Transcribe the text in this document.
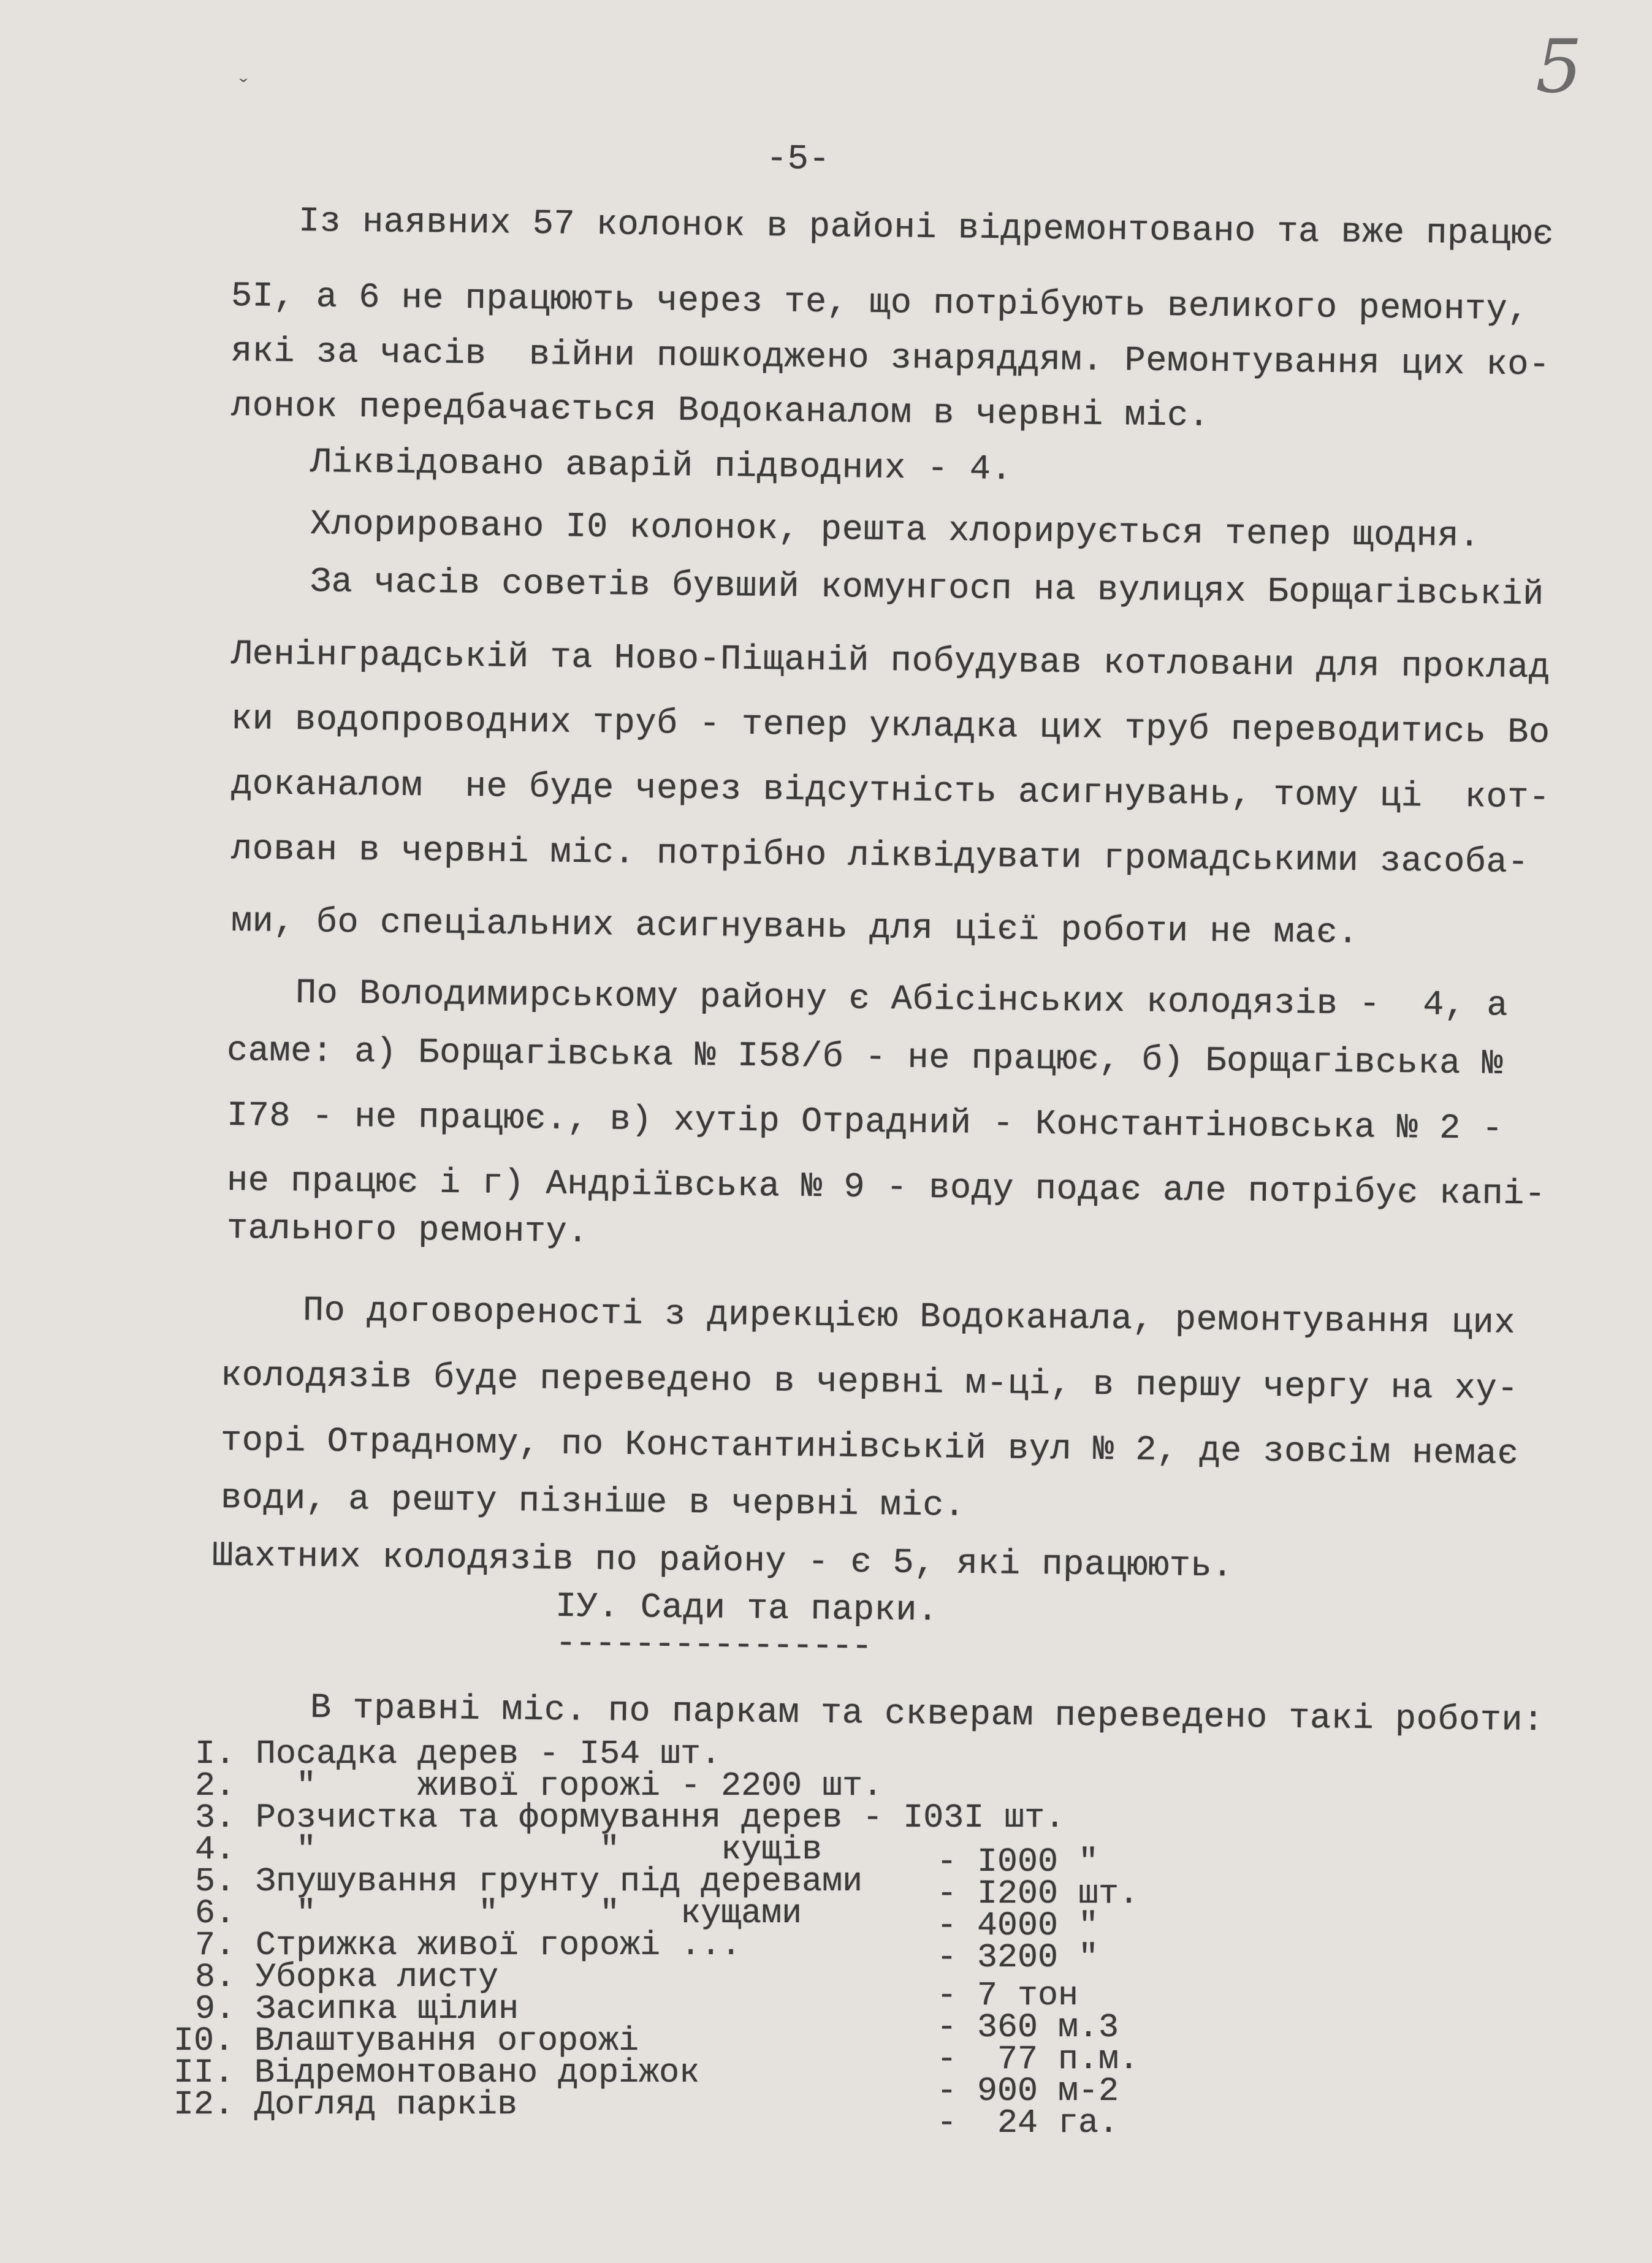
5
ˇ
-5-
Із наявних 57 колонок в районі відремонтовано та вже працює
5I, а 6 не працюють через те, що потрібують великого ремонту,
які за часів  війни пошкоджено знаряддям. Ремонтування цих ко-
лонок передбачається Водоканалом в червні міс.
Ліквідовано аварій підводних - 4.
Хлориpовано I0 колонок, решта хлорирується тепер щодня.
За часів советів бувший комунгосп на вулицях Борщагівській
Ленінградській та Ново-Піщаній побудував котловани для проклад
ки водопроводних труб - тепер укладка цих труб переводитись Во
доканалом  не буде через відсутність асигнувань, тому ці  кот-
лован в червні міс. потрібно ліквідувати громадськими засоба-
ми, бо спеціальних асигнувань для цієї роботи не має.
По Володимирському району є Абісінських колодязів -  4, а
саме: а) Борщагівська № I58/б - не працює, б) Борщагівська №
I78 - не працює., в) хутір Отрадний - Константіновська № 2 -
не працює і г) Андріївська № 9 - воду подає але потрібує капі-
тального ремонту.
По договореності з дирекцією Водоканала, ремонтування цих
колодязів буде переведено в червні м-ці, в першу чергу на ху-
торі Отрадному, по Константинівській вул № 2, де зовсім немає
води, а решту пізніше в червні міс.
Шахтних колодязів по району - є 5, які працюють.
IУ. Сади та парки.
----------------
В травні міс. по паркам та скверам переведено такі роботи:
I. Посадка дерев - I54 шт.
2.   "     живої горожі - 2200 шт.
3. Розчистка та формування дерев - I03I шт.
4.   "              "     кущів	- I000 "
5. Зпушування грунту під деревами - I200 шт.
6.   "        "     "   кущами	- 4000 "
7. Стрижка живої горожі ...	- 3200 "
8. Уборка листу	- 7 тон
9. Засипка щілин	- 360 м.3
I0. Влаштування огорожі	-  77 п.м.
II. Відремонтовано доріжок	- 900 м-2
I2. Догляд парків	-  24 га.
